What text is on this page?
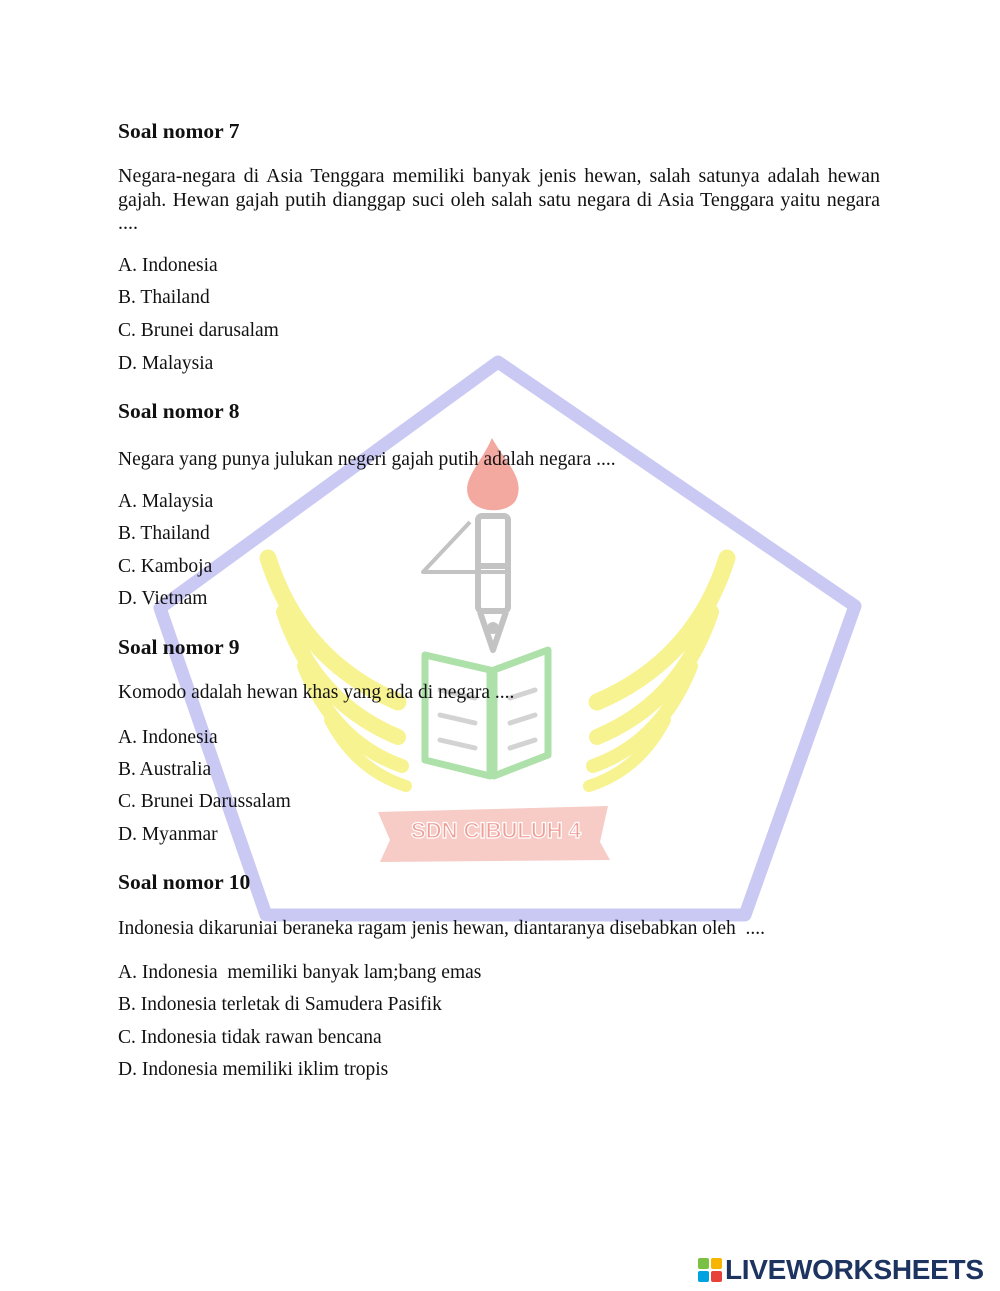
SDN CIBULUH 4
Soal nomor 7
Negara-negara di Asia Tenggara memiliki banyak jenis hewan, salah satunya adalah hewan gajah. Hewan gajah putih dianggap suci oleh salah satu negara di Asia Tenggara yaitu negara ....
A. Indonesia
B. Thailand
C. Brunei darusalam
D. Malaysia
Soal nomor 8
Negara yang punya julukan negeri gajah putih adalah negara ....
A. Malaysia
B. Thailand
C. Kamboja
D. Vietnam
Soal nomor 9
Komodo adalah hewan khas yang ada di negara ....
A. Indonesia
B. Australia
C. Brunei Darussalam
D. Myanmar
Soal nomor 10
Indonesia dikaruniai beraneka ragam jenis hewan, diantaranya disebabkan oleh  ....
A. Indonesia  memiliki banyak lam;bang emas
B. Indonesia terletak di Samudera Pasifik
C. Indonesia tidak rawan bencana
D. Indonesia memiliki iklim tropis
LIVEWORKSHEETS
